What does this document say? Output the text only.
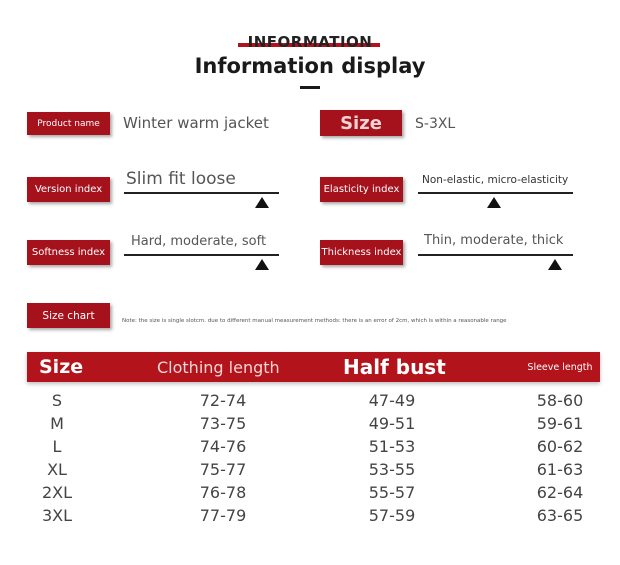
INFORMATION
Information display
Product name	Winter warm jacket	Size	S-3XL
Version index
Slim fit loose
Elasticity index
Non-elastic, micro-elasticity
Softness index
Hard, moderate, soft
Thickness index
Thin, moderate, thick
Size chart	Note: the size is single slotcm. due to different manual measurement methods: there is an error of 2cm, which is within a reasonable range
Size	Clothing length	Half bust	Sleeve length
S	72-74	47-49	58-60
M	73-75	49-51	59-61
L	74-76	51-53	60-62
XL	75-77	53-55	61-63
2XL	76-78	55-57	62-64
3XL	77-79	57-59	63-65
